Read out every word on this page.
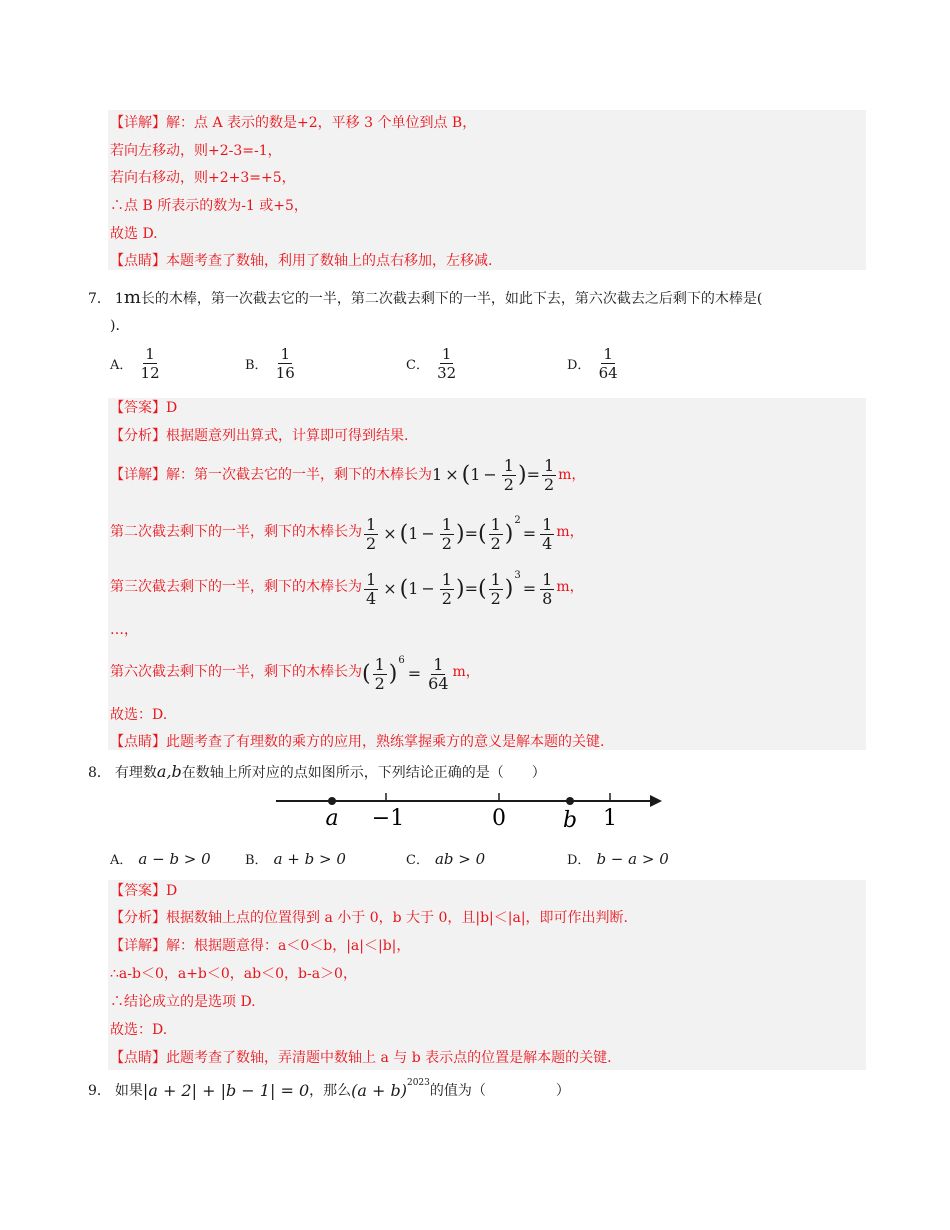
【详解】解：点 A 表示的数是+2，平移 3 个单位到点 B，
若向左移动，则+2-3=-1，
若向右移动，则+2+3=+5，
∴点 B 所表示的数为-1 或+5，
故选 D.
【点睛】本题考查了数轴，利用了数轴上的点右移加，左移减.
7． 1m长的木棒，第一次截去它的一半，第二次截去剩下的一半，如此下去，第六次截去之后剩下的木棒是(
)．
A． $\frac{1}{12}$	B． $\frac{1}{16}$	C． $\frac{1}{32}$	D． $\frac{1}{64}$
【答案】D
【分析】根据题意列出算式，计算即可得到结果.
【详解】解：第一次截去它的一半，剩下的木棒长为 $1 \times (1 - \frac{1}{2}$ )= $\frac{1}{2}$ m，
第二次截去剩下的一半，剩下的木棒长为 $\frac{1}{2} \times (1 - \frac{1}{2}$ )=( $\frac{1}{2} )^2= \frac{1}{4}$ m，
第三次截去剩下的一半，剩下的木棒长为 $\frac{1}{4} \times (1 - \frac{1}{2}$ )=( $\frac{1}{2} )^3= \frac{1}{8}$ m，
…，
第六次截去剩下的一半，剩下的木棒长为 ( $\frac{1}{2} )^6= \frac{1}{64}$ m，
故选：D.
【点睛】此题考查了有理数的乘方的应用，熟练掌握乘方的意义是解本题的关键.
8． 有理数a,b在数轴上所对应的点如图所示，下列结论正确的是（　　）
a −1	0	b 1
A． a − b > 0	B． a + b > 0	C． ab > 0	D． b − a > 0
【答案】D
【分析】根据数轴上点的位置得到 a 小于 0，b 大于 0，且|b|＜|a|，即可作出判断.
【详解】解：根据题意得：a＜0＜b，|a|＜|b|，
∴a-b＜0，a+b＜0，ab＜0，b-a＞0，
∴结论成立的是选项 D.
故选：D.
【点睛】此题考查了数轴，弄清题中数轴上 a 与 b 表示点的位置是解本题的关键.
9． 如果 |a + 2| + |b − 1| = 0 ，那么 (a + b) 2023 的值为（　　　　　）
